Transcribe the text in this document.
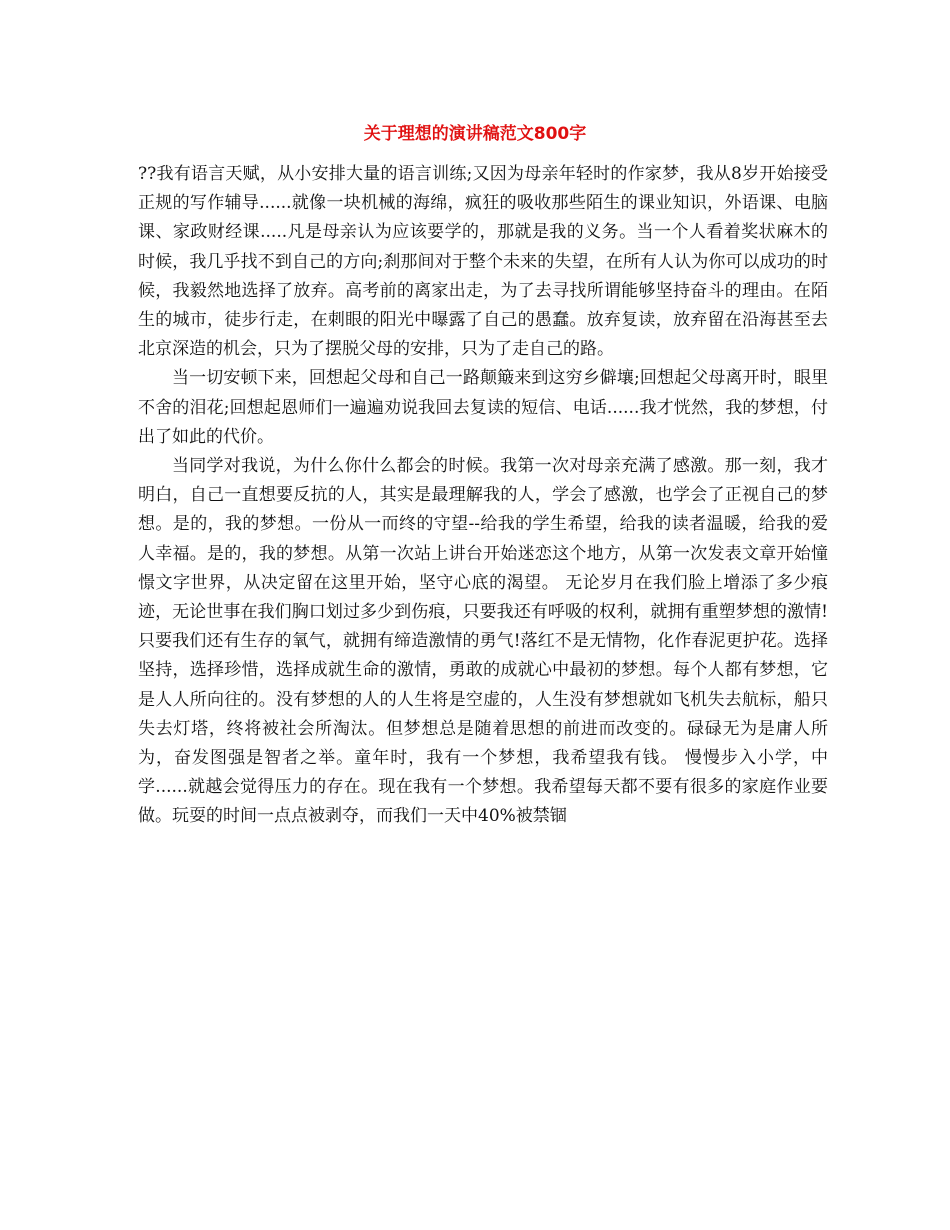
关于理想的演讲稿范文800字

??我有语言天赋，从小安排大量的语言训练;又因为母亲年轻时的作家梦，我从8岁开始接受正规的写作辅导......就像一块机械的海绵，疯狂的吸收那些陌生的课业知识，外语课、电脑课、家政财经课.....凡是母亲认为应该要学的，那就是我的义务。当一个人看着奖状麻木的时候，我几乎找不到自己的方向;刹那间对于整个未来的失望，在所有人认为你可以成功的时候，我毅然地选择了放弃。高考前的离家出走，为了去寻找所谓能够坚持奋斗的理由。在陌生的城市，徒步行走，在刺眼的阳光中曝露了自己的愚蠢。放弃复读，放弃留在沿海甚至去北京深造的机会，只为了摆脱父母的安排，只为了走自己的路。

当一切安顿下来，回想起父母和自己一路颠簸来到这穷乡僻壤;回想起父母离开时，眼里不舍的泪花;回想起恩师们一遍遍劝说我回去复读的短信、电话......我才恍然，我的梦想，付出了如此的代价。

当同学对我说，为什么你什么都会的时候。我第一次对母亲充满了感激。那一刻，我才明白，自己一直想要反抗的人，其实是最理解我的人，学会了感激，也学会了正视自己的梦想。是的，我的梦想。一份从一而终的守望--给我的学生希望，给我的读者温暖，给我的爱人幸福。是的，我的梦想。从第一次站上讲台开始迷恋这个地方，从第一次发表文章开始憧憬文字世界，从决定留在这里开始，坚守心底的渴望。 无论岁月在我们脸上增添了多少痕迹，无论世事在我们胸口划过多少到伤痕，只要我还有呼吸的权利，就拥有重塑梦想的激情!只要我们还有生存的氧气，就拥有缔造激情的勇气!落红不是无情物，化作春泥更护花。选择坚持，选择珍惜，选择成就生命的激情，勇敢的成就心中最初的梦想。每个人都有梦想，它是人人所向往的。没有梦想的人的人生将是空虚的，人生没有梦想就如飞机失去航标，船只失去灯塔，终将被社会所淘汰。但梦想总是随着思想的前进而改变的。碌碌无为是庸人所为，奋发图强是智者之举。童年时，我有一个梦想，我希望我有钱。 慢慢步入小学，中学......就越会觉得压力的存在。现在我有一个梦想。我希望每天都不要有很多的家庭作业要做。玩耍的时间一点点被剥夺，而我们一天中40%被禁锢
